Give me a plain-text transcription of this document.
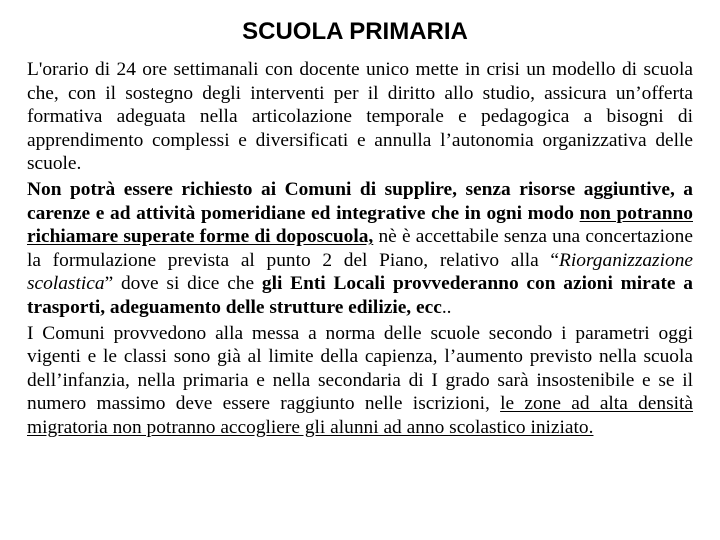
SCUOLA PRIMARIA

L'orario di 24 ore settimanali con docente unico mette in crisi un modello di scuola che, con il sostegno degli interventi per il diritto allo studio, assicura un’offerta formativa adeguata nella articolazione temporale e pedagogica a bisogni di apprendimento complessi e diversificati e annulla l’autonomia organizzativa delle scuole.

Non potrà essere richiesto ai Comuni di supplire, senza risorse aggiuntive, a carenze e ad attività pomeridiane ed integrative che in ogni modo non potranno richiamare superate forme di doposcuola, nè è accettabile senza una concertazione la formulazione prevista al punto 2 del Piano, relativo alla “Riorganizzazione scolastica” dove si dice che gli Enti Locali provvederanno con azioni mirate a trasporti, adeguamento delle strutture edilizie, ecc..

I Comuni provvedono alla messa a norma delle scuole secondo i parametri oggi vigenti e le classi sono già al limite della capienza, l’aumento previsto nella scuola dell’infanzia, nella primaria e nella secondaria di I grado sarà insostenibile e se il numero massimo deve essere raggiunto nelle iscrizioni, le zone ad alta densità migratoria non potranno accogliere gli alunni ad anno scolastico iniziato.
